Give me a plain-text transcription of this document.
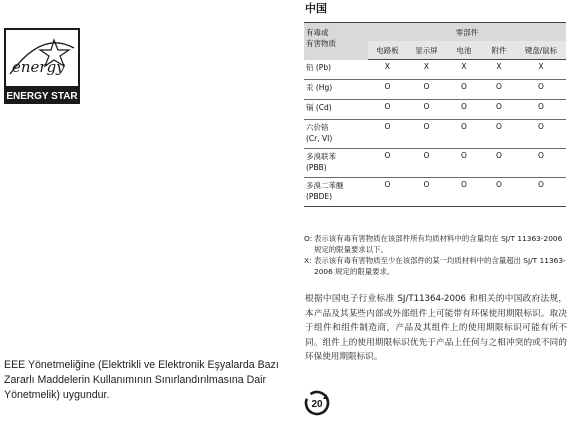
energy
ENERGY STAR
EEE Yönetmeliğine (Elektrikli ve Elektronik Eşyalarda Bazı Zararlı Maddelerin Kullanımının Sınırlandırılmasına Dair Yönetmelik) uygundur.
中国
有毒或
有害物质	零部件				
	电路板	显示屏	电池	附件	键盘/鼠标

铅 (Pb)	X	X	X	X	X

汞 (Hg)	O	O	O	O	O

镉 (Cd)	O	O	O	O	O

六价铬
(Cr, VI)	O	O	O	O	O

多溴联苯
(PBB)	O	O	O	O	O

多溴二苯醚
(PBDE)	O	O	O	O	O
O: 表示该有毒有害物质在该部件所有均质材料中的含量均在 SJ/T 11363-2006 规定的限量要求以下。
X: 表示该有毒有害物质至少在该部件的某一均质材料中的含量超出 SJ/T 11363-2006 规定的限量要求。
根据中国电子行业标准 SJ/T11364-2006 和相关的中国政府法规，本产品及其某些内部或外部组件上可能带有环保使用期限标识。取决于组件和组件制造商，产品及其组件上的使用期限标识可能有所不同。组件上的使用期限标识优先于产品上任何与之相冲突的或不同的环保使用期限标识。
20
